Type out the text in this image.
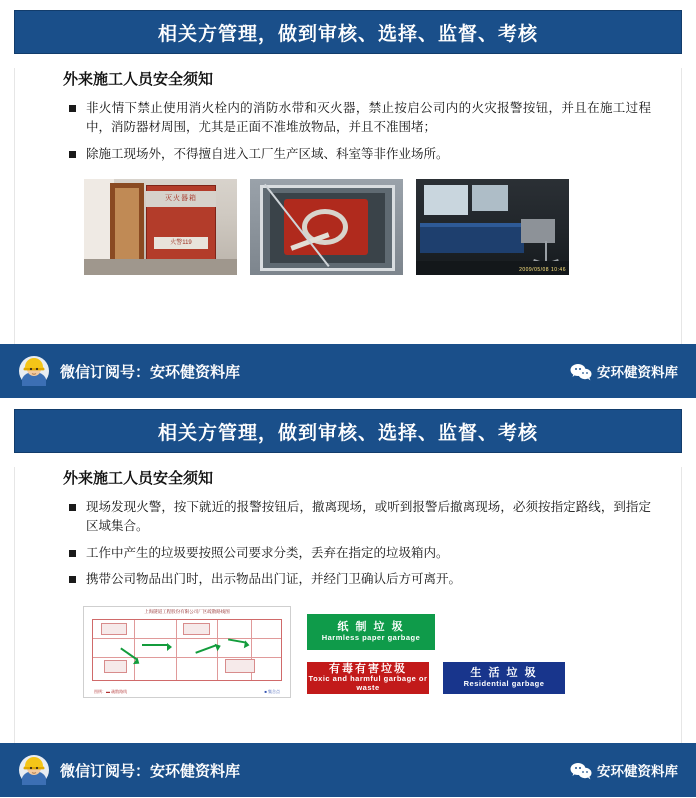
相关方管理，做到审核、选择、监督、考核
外来施工人员安全须知
非火情下禁止使用消火栓内的消防水带和灭火器，禁止按启公司内的火灾报警按钮，并且在施工过程中，消防器材周围，尤其是正面不准堆放物品，并且不准围堵；
除施工现场外，不得擅自进入工厂生产区域、科室等非作业场所。
灭火器箱
火警119
2009/05/08 10:46
微信订阅号：安环健资料库	安环健资料库
相关方管理，做到审核、选择、监督、考核
外来施工人员安全须知
现场发现火警，按下就近的报警按钮后，撤离现场，或听到报警后撤离现场，必须按指定路线，到指定区域集合。
工作中产生的垃圾要按照公司要求分类，丢弃在指定的垃圾箱内。
携带公司物品出门时，出示物品出门证，并经门卫确认后方可离开。
上海隧道工程股份有限公司厂区疏散路线图
图例：▬ 疏散路线	■ 集合点
纸 制 垃 圾
Harmless paper garbage
有毒有害垃圾
Toxic and harmful garbage or waste
生 活 垃 圾
Residential garbage
微信订阅号：安环健资料库	安环健资料库
